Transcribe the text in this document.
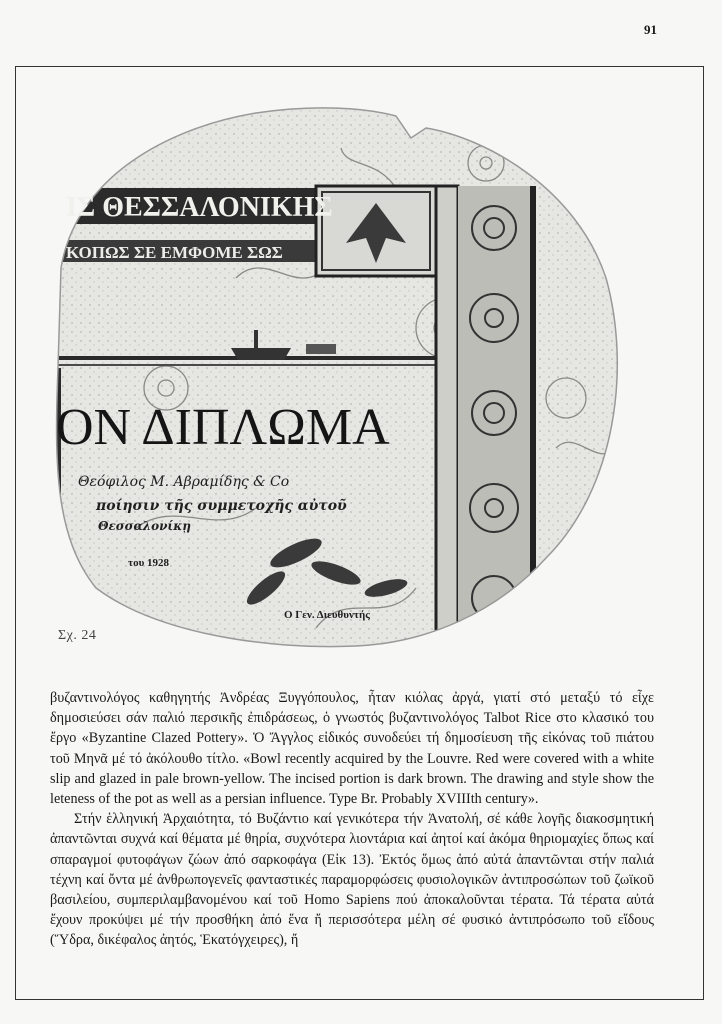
91
ΙΣ ΘΕΣΣΑΛΟΝΙΚΗΣ
ΚΟΠΩΣ ΣΕ ΕΜΦΟΜΕ ΣΩΣ
ΟΝ ΔΙΠΛΩΜΑ
Θεόφιλος Μ. Αβραμίδης & Co
ποίησιν τῆς συμμετοχῆς αὐτοῦ
Θεσσαλονίκῃ
του 1928
Ο Γεν. Διευθυντής
Σχ. 24

βυζαντινολόγος καθηγητής Ἀνδρέας Ξυγγόπουλος, ἦταν κιόλας ἀργά, γιατί στό μεταξύ τό εἶχε δημοσιεύσει σάν παλιό περσικῆς ἐπιδράσεως, ὁ γνωστός βυζαντινολόγος Talbot Rice στο κλασικό του ἔργο «Byzantine Clazed Pottery». Ὁ Ἄγγλος εἰδικός συνοδεύει τή δημοσίευση τῆς εἰκόνας τοῦ πιάτου τοῦ Μηνᾶ μέ τό ἀκόλουθο τίτλο. «Bowl recently acquired by the Louvre. Red were covered with a white slip and glazed in pale brown-yellow. The incised portion is dark brown. The drawing and style show the leteness of the pot as well as a persian influence. Type Br. Probably XVIIIth century».

Στήν ἑλληνική Ἀρχαιότητα, τό Βυζάντιο καί γενικότερα τήν Ἀνατολή, σέ κάθε λογῆς διακοσμητική ἀπαντῶνται συχνά καί θέματα μέ θηρία, συχνότερα λιοντάρια καί ἀητοί καί ἀκόμα θηριομαχίες ὅπως καί σπαραγμοί φυτοφάγων ζώων ἀπό σαρκοφάγα (Εἰκ 13). Ἐκτός ὅμως ἀπό αὐτά ἀπαντῶνται στήν παλιά τέχνη καί ὄντα μέ ἀνθρωπογενεῖς φανταστικές παραμορφώσεις φυσιολογικῶν ἀντιπροσώπων τοῦ ζωϊκοῦ βασιλείου, συμπεριλαμβανομένου καί τοῦ Homo Sapiens πού ἀποκαλοῦνται τέρατα. Τά τέρατα αὐτά ἔχουν προκύψει μέ τήν προσθήκη ἀπό ἕνα ἤ περισσότερα μέλη σέ φυσικό ἀντιπρόσωπο τοῦ εἴδους (Ὕδρα, δικέφαλος ἀητός, Ἑκατόγχειρες), ἤ
